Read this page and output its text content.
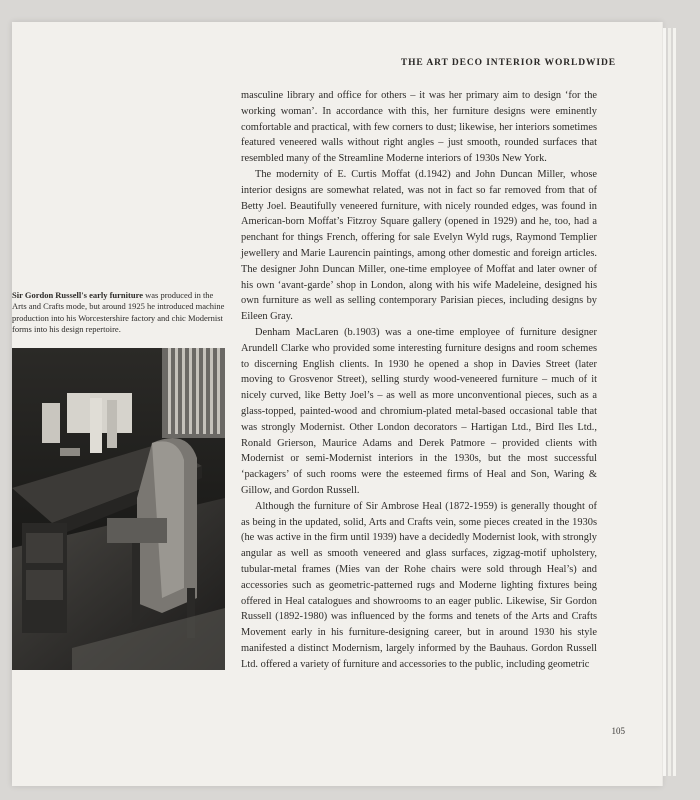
THE ART DECO INTERIOR WORLDWIDE
Sir Gordon Russell's early furniture was produced in the Arts and Crafts mode, but around 1925 he introduced machine production into his Worcestershire factory and chic Modernist forms into his design repertoire.

masculine library and office for others – it was her primary aim to design ‘for the working woman’. In accordance with this, her furniture designs were eminently comfortable and practical, with few corners to dust; likewise, her interiors sometimes featured veneered walls without right angles – just smooth, rounded surfaces that resembled many of the Streamline Moderne interiors of 1930s New York.

The modernity of E. Curtis Moffat (d.1942) and John Duncan Miller, whose interior designs are somewhat related, was not in fact so far removed from that of Betty Joel. Beautifully veneered furniture, with nicely rounded edges, was found in American-born Moffat’s Fitzroy Square gallery (opened in 1929) and he, too, had a penchant for things French, offering for sale Evelyn Wyld rugs, Raymond Templier jewellery and Marie Laurencin paintings, among other domestic and foreign articles. The designer John Duncan Miller, one-time employee of Moffat and later owner of his own ‘avant-garde’ shop in London, along with his wife Madeleine, designed his own furniture as well as selling contemporary Parisian pieces, including designs by Eileen Gray.

Denham MacLaren (b.1903) was a one-time employee of furniture designer Arundell Clarke who provided some interesting furniture designs and room schemes to discerning English clients. In 1930 he opened a shop in Davies Street (later moving to Grosvenor Street), selling sturdy wood-veneered furniture – much of it nicely curved, like Betty Joel’s – as well as more unconventional pieces, such as a glass-topped, painted-wood and chromium-plated metal-based occasional table that was strongly Modernist. Other London decorators – Hartigan Ltd., Bird Iles Ltd., Ronald Grierson, Maurice Adams and Derek Patmore – provided clients with Modernist or semi-Modernist interiors in the 1930s, but the most successful ‘packagers’ of such rooms were the esteemed firms of Heal and Son, Waring & Gillow, and Gordon Russell.

Although the furniture of Sir Ambrose Heal (1872-1959) is generally thought of as being in the updated, solid, Arts and Crafts vein, some pieces created in the 1930s (he was active in the firm until 1939) have a decidedly Modernist look, with strongly angular as well as smooth veneered and glass surfaces, zigzag-motif upholstery, tubular-metal frames (Mies van der Rohe chairs were sold through Heal’s) and accessories such as geometric-patterned rugs and Moderne lighting fixtures being offered in Heal catalogues and showrooms to an eager public. Likewise, Sir Gordon Russell (1892-1980) was influenced by the forms and tenets of the Arts and Crafts Movement early in his furniture-designing career, but in around 1930 his style manifested a distinct Modernism, largely informed by the Bauhaus. Gordon Russell Ltd. offered a variety of furniture and accessories to the public, including geometric

105
